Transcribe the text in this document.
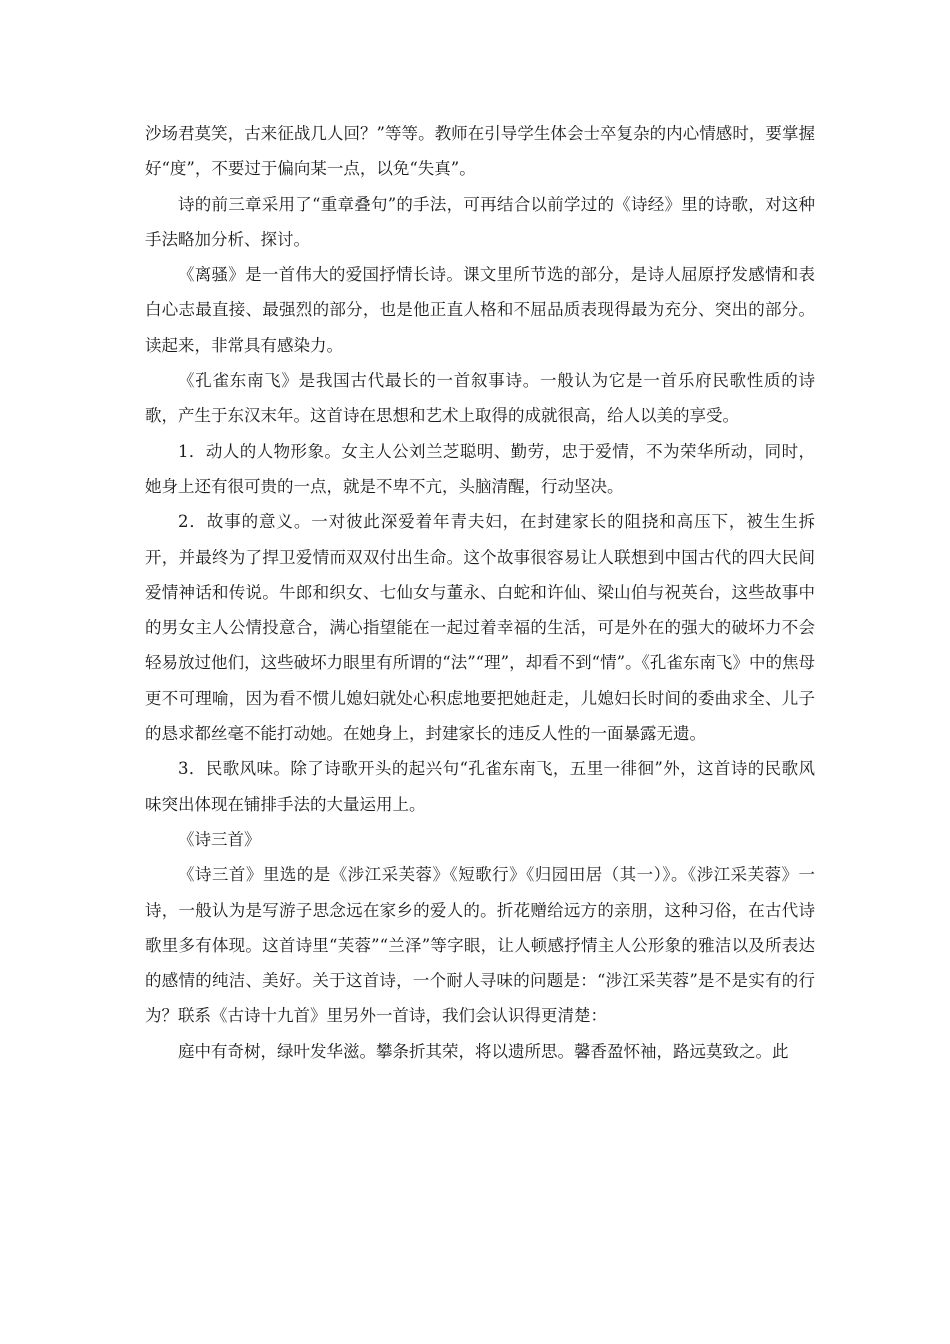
沙场君莫笑，古来征战几人回？”等等。教师在引导学生体会士卒复杂的内心情感时，要掌握好“度”，不要过于偏向某一点，以免“失真”。

诗的前三章采用了“重章叠句”的手法，可再结合以前学过的《诗经》里的诗歌，对这种手法略加分析、探讨。

《离骚》是一首伟大的爱国抒情长诗。课文里所节选的部分，是诗人屈原抒发感情和表白心志最直接、最强烈的部分，也是他正直人格和不屈品质表现得最为充分、突出的部分。读起来，非常具有感染力。

《孔雀东南飞》是我国古代最长的一首叙事诗。一般认为它是一首乐府民歌性质的诗歌，产生于东汉末年。这首诗在思想和艺术上取得的成就很高，给人以美的享受。

1．动人的人物形象。女主人公刘兰芝聪明、勤劳，忠于爱情，不为荣华所动，同时，她身上还有很可贵的一点，就是不卑不亢，头脑清醒，行动坚决。

2．故事的意义。一对彼此深爱着年青夫妇，在封建家长的阻挠和高压下，被生生拆开，并最终为了捍卫爱情而双双付出生命。这个故事很容易让人联想到中国古代的四大民间爱情神话和传说。牛郎和织女、七仙女与董永、白蛇和许仙、梁山伯与祝英台，这些故事中的男女主人公情投意合，满心指望能在一起过着幸福的生活，可是外在的强大的破坏力不会轻易放过他们，这些破坏力眼里有所谓的“法”“理”，却看不到“情”。《孔雀东南飞》中的焦母更不可理喻，因为看不惯儿媳妇就处心积虑地要把她赶走，儿媳妇长时间的委曲求全、儿子的恳求都丝毫不能打动她。在她身上，封建家长的违反人性的一面暴露无遗。

3．民歌风味。除了诗歌开头的起兴句“孔雀东南飞，五里一徘徊”外，这首诗的民歌风味突出体现在铺排手法的大量运用上。

《诗三首》

《诗三首》里选的是《涉江采芙蓉》《短歌行》《归园田居（其一）》。《涉江采芙蓉》一诗，一般认为是写游子思念远在家乡的爱人的。折花赠给远方的亲朋，这种习俗，在古代诗歌里多有体现。这首诗里“芙蓉”“兰泽”等字眼，让人顿感抒情主人公形象的雅洁以及所表达的感情的纯洁、美好。关于这首诗，一个耐人寻味的问题是：“涉江采芙蓉”是不是实有的行为？联系《古诗十九首》里另外一首诗，我们会认识得更清楚：

庭中有奇树，绿叶发华滋。攀条折其荣，将以遗所思。馨香盈怀袖，路远莫致之。此
